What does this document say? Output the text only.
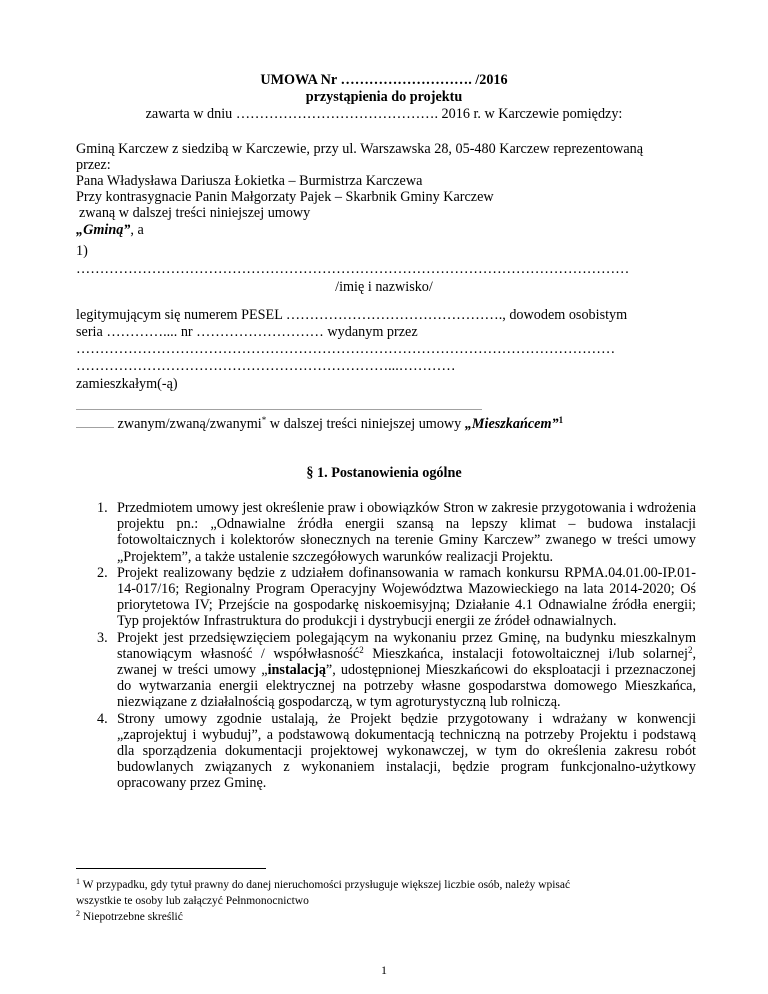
UMOWA Nr ………………………. /2016
przystąpienia do projektu
zawarta w dniu ……………………………………. 2016 r. w Karczewie pomiędzy:
Gminą Karczew z siedzibą w Karczewie, przy ul. Warszawska 28, 05-480 Karczew reprezentowaną
przez:
Pana Władysława Dariusza Łokietka – Burmistrza Karczewa
Przy kontrasygnacie Panin Małgorzaty Pajek – Skarbnik Gminy Karczew
zwaną w dalszej treści niniejszej umowy
„Gminą”, a
1)
………………………………………………………………………………………………………
/imię i nazwisko/
legitymującym się numerem PESEL ………………………………………., dowodem osobistym
seria ………….... nr ……………………… wydanym przez
……………………………………………………………………………………………………
…………………………………………………………...…………
zamieszkałym(-ą)
...........................................................................................................................................................................................................
................... zwanym/zwaną/zwanymi* w dalszej treści niniejszej umowy „Mieszkańcem”$^1$
§ 1. Postanowienia ogólne
1. Przedmiotem umowy jest określenie praw i obowiązków Stron w zakresie przygotowania i wdrożenia projektu pn.: „Odnawialne źródła energii szansą na lepszy klimat – budowa instalacji fotowoltaicznych i kolektorów słonecznych na terenie Gminy Karczew” zwanego w treści umowy „Projektem”, a także ustalenie szczegółowych warunków realizacji Projektu.
2. Projekt realizowany będzie z udziałem dofinansowania w ramach konkursu RPMA.04.01.00-IP.01-14-017/16; Regionalny Program Operacyjny Województwa Mazowieckiego na lata 2014-2020; Oś priorytetowa IV; Przejście na gospodarkę niskoemisyjną; Działanie 4.1 Odnawialne źródła energii; Typ projektów Infrastruktura do produkcji i dystrybucji energii ze źródeł odnawialnych.
3. Projekt jest przedsięwzięciem polegającym na wykonaniu przez Gminę, na budynku mieszkalnym stanowiącym własność / współwłasność$^2$ Mieszkańca, instalacji fotowoltaicznej i/lub solarnej$^2$, zwanej w treści umowy „instalacją”, udostępnionej Mieszkańcowi do eksploatacji i przeznaczonej do wytwarzania energii elektrycznej na potrzeby własne gospodarstwa domowego Mieszkańca, niezwiązane z działalnością gospodarczą, w tym agroturystyczną lub rolniczą.
4. Strony umowy zgodnie ustalają, że Projekt będzie przygotowany i wdrażany w konwencji „zaprojektuj i wybuduj”, a podstawową dokumentacją techniczną na potrzeby Projektu i podstawą dla sporządzenia dokumentacji projektowej wykonawczej, w tym do określenia zakresu robót budowlanych związanych z wykonaniem instalacji, będzie program funkcjonalno-użytkowy opracowany przez Gminę.
$^1$ W przypadku, gdy tytuł prawny do danej nieruchomości przysługuje większej liczbie osób, należy wpisać
wszystkie te osoby lub załączyć Pełnmonocnictwo
$^2$ Niepotrzebne skreślić
1
